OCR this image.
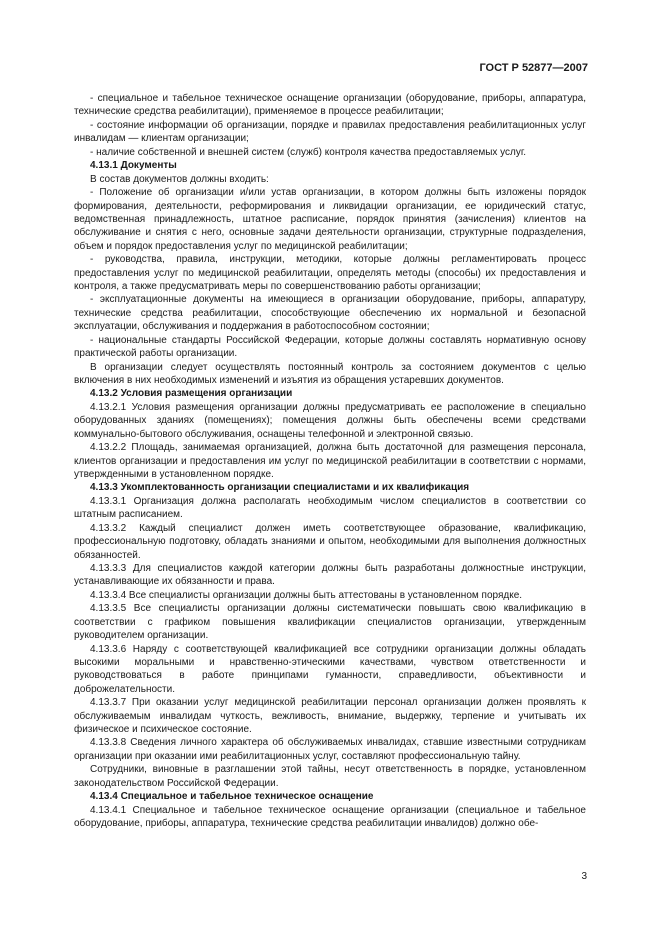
ГОСТ Р 52877—2007

- специальное и табельное техническое оснащение организации (оборудование, приборы, аппаратура, технические средства реабилитации), применяемое в процессе реабилитации;

- состояние информации об организации, порядке и правилах предоставления реабилитационных услуг инвалидам — клиентам организации;

- наличие собственной и внешней систем (служб) контроля качества предоставляемых услуг.

4.13.1 Документы

В состав документов должны входить:

- Положение об организации и/или устав организации, в котором должны быть изложены порядок формирования, деятельности, реформирования и ликвидации организации, ее юридический статус, ведомственная принадлежность, штатное расписание, порядок принятия (зачисления) клиентов на обслуживание и снятия с него, основные задачи деятельности организации, структурные подразделения, объем и порядок предоставления услуг по медицинской реабилитации;

- руководства, правила, инструкции, методики, которые должны регламентировать процесс предоставления услуг по медицинской реабилитации, определять методы (способы) их предоставления и контроля, а также предусматривать меры по совершенствованию работы организации;

- эксплуатационные документы на имеющиеся в организации оборудование, приборы, аппаратуру, технические средства реабилитации, способствующие обеспечению их нормальной и безопасной эксплуатации, обслуживания и поддержания в работоспособном состоянии;

- национальные стандарты Российской Федерации, которые должны составлять нормативную основу практической работы организации.

В организации следует осуществлять постоянный контроль за состоянием документов с целью включения в них необходимых изменений и изъятия из обращения устаревших документов.

4.13.2 Условия размещения организации

4.13.2.1 Условия размещения организации должны предусматривать ее расположение в специально оборудованных зданиях (помещениях); помещения должны быть обеспечены всеми средствами коммунально-бытового обслуживания, оснащены телефонной и электронной связью.

4.13.2.2 Площадь, занимаемая организацией, должна быть достаточной для размещения персонала, клиентов организации и предоставления им услуг по медицинской реабилитации в соответствии с нормами, утвержденными в установленном порядке.

4.13.3 Укомплектованность организации специалистами и их квалификация

4.13.3.1 Организация должна располагать необходимым числом специалистов в соответствии со штатным расписанием.

4.13.3.2 Каждый специалист должен иметь соответствующее образование, квалификацию, профессиональную подготовку, обладать знаниями и опытом, необходимыми для выполнения должностных обязанностей.

4.13.3.3 Для специалистов каждой категории должны быть разработаны должностные инструкции, устанавливающие их обязанности и права.

4.13.3.4 Все специалисты организации должны быть аттестованы в установленном порядке.

4.13.3.5 Все специалисты организации должны систематически повышать свою квалификацию в соответствии с графиком повышения квалификации специалистов организации, утвержденным руководителем организации.

4.13.3.6 Наряду с соответствующей квалификацией все сотрудники организации должны обладать высокими моральными и нравственно-этическими качествами, чувством ответственности и руководствоваться в работе принципами гуманности, справедливости, объективности и доброжелательности.

4.13.3.7 При оказании услуг медицинской реабилитации персонал организации должен проявлять к обслуживаемым инвалидам чуткость, вежливость, внимание, выдержку, терпение и учитывать их физическое и психическое состояние.

4.13.3.8 Сведения личного характера об обслуживаемых инвалидах, ставшие известными сотрудникам организации при оказании ими реабилитационных услуг, составляют профессиональную тайну.

Сотрудники, виновные в разглашении этой тайны, несут ответственность в порядке, установленном законодательством Российской Федерации.

4.13.4 Специальное и табельное техническое оснащение

4.13.4.1 Специальное и табельное техническое оснащение организации (специальное и табельное оборудование, приборы, аппаратура, технические средства реабилитации инвалидов) должно обе-

3
